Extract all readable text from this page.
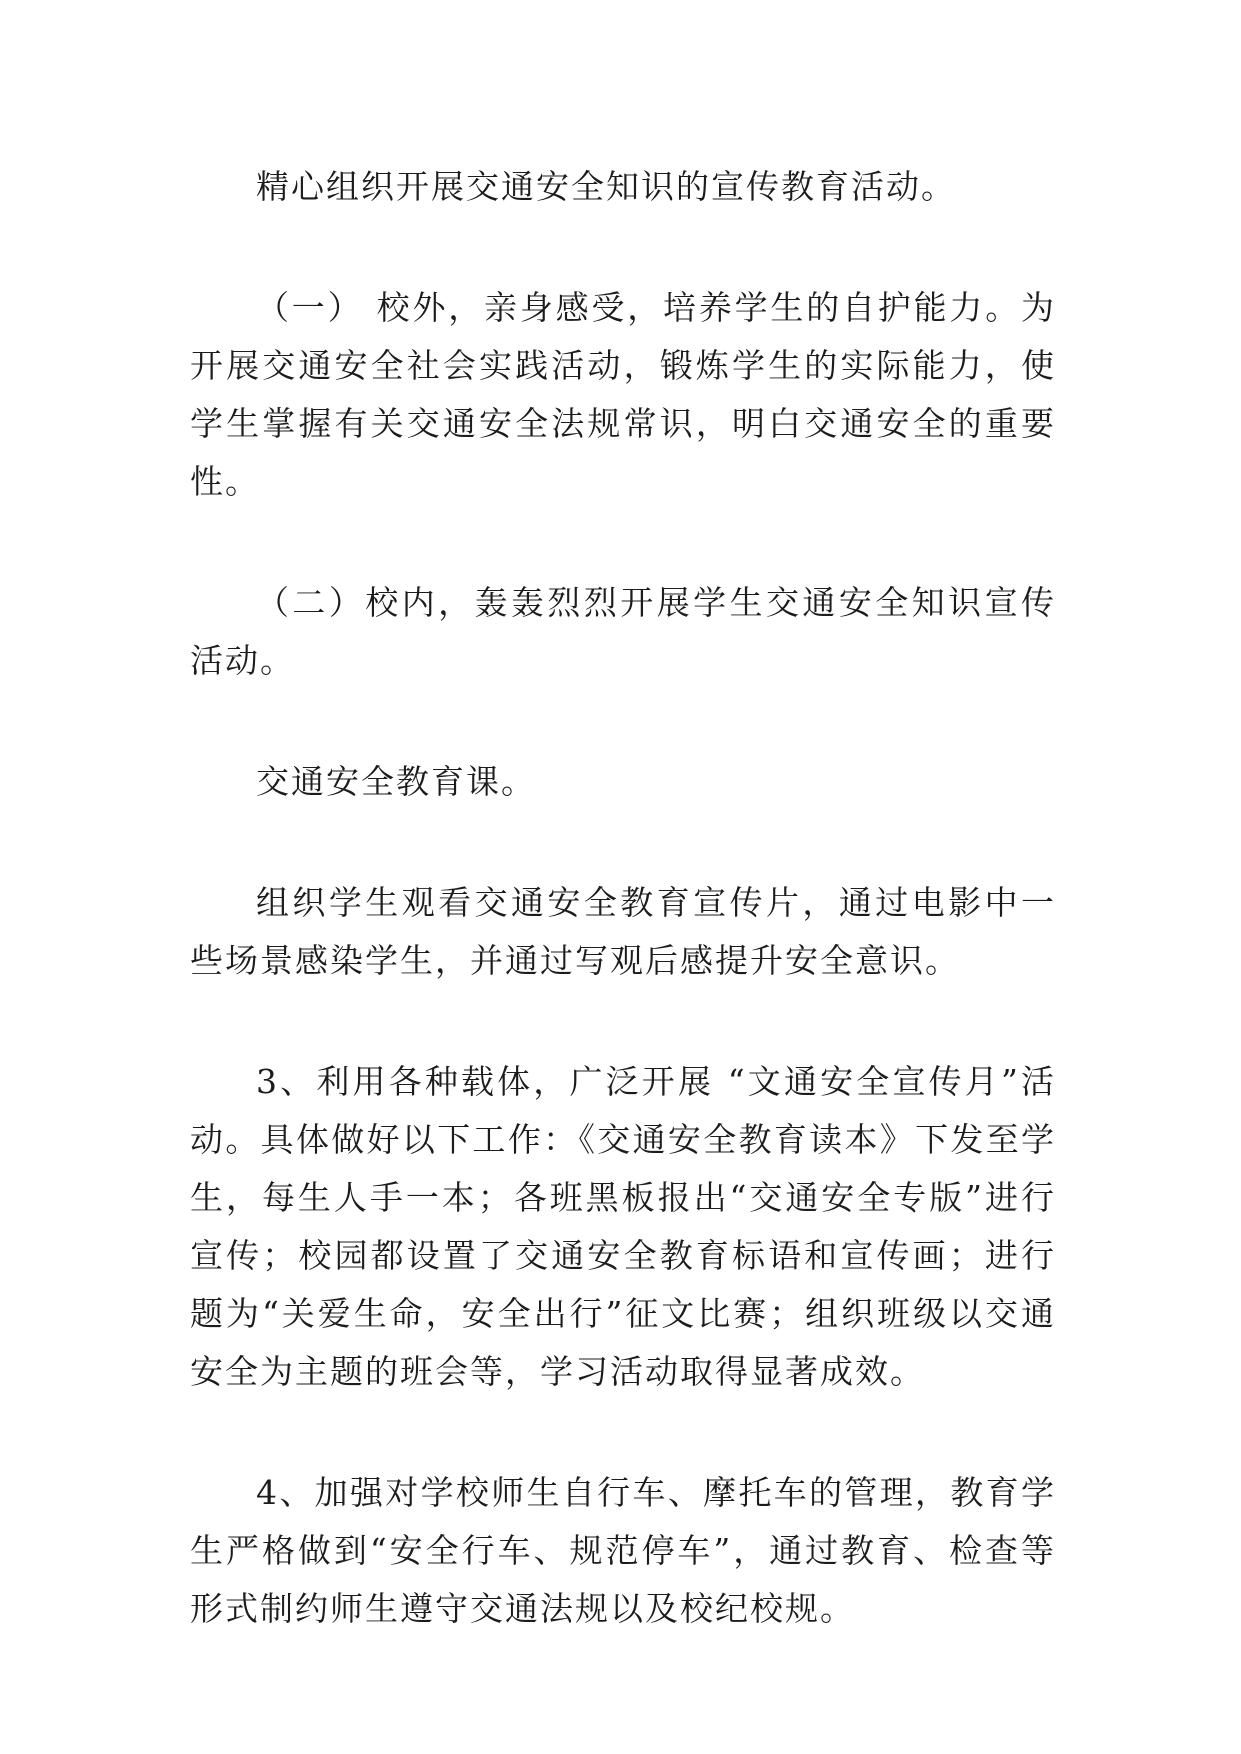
精心组织开展交通安全知识的宣传教育活动。

（一） 校外，亲身感受，培养学生的自护能力。为开展交通安全社会实践活动，锻炼学生的实际能力，使学生掌握有关交通安全法规常识，明白交通安全的重要性。

（二）校内，轰轰烈烈开展学生交通安全知识宣传活动。

交通安全教育课。

组织学生观看交通安全教育宣传片，通过电影中一些场景感染学生，并通过写观后感提升安全意识。

3、利用各种载体，广泛开展 “文通安全宣传月”活动。具体做好以下工作：《交通安全教育读本》下发至学生，每生人手一本；各班黑板报出“交通安全专版”进行宣传；校园都设置了交通安全教育标语和宣传画；进行题为“关爱生命，安全出行”征文比赛；组织班级以交通安全为主题的班会等，学习活动取得显著成效。

4、加强对学校师生自行车、摩托车的管理，教育学生严格做到“安全行车、规范停车”，通过教育、检查等形式制约师生遵守交通法规以及校纪校规。
